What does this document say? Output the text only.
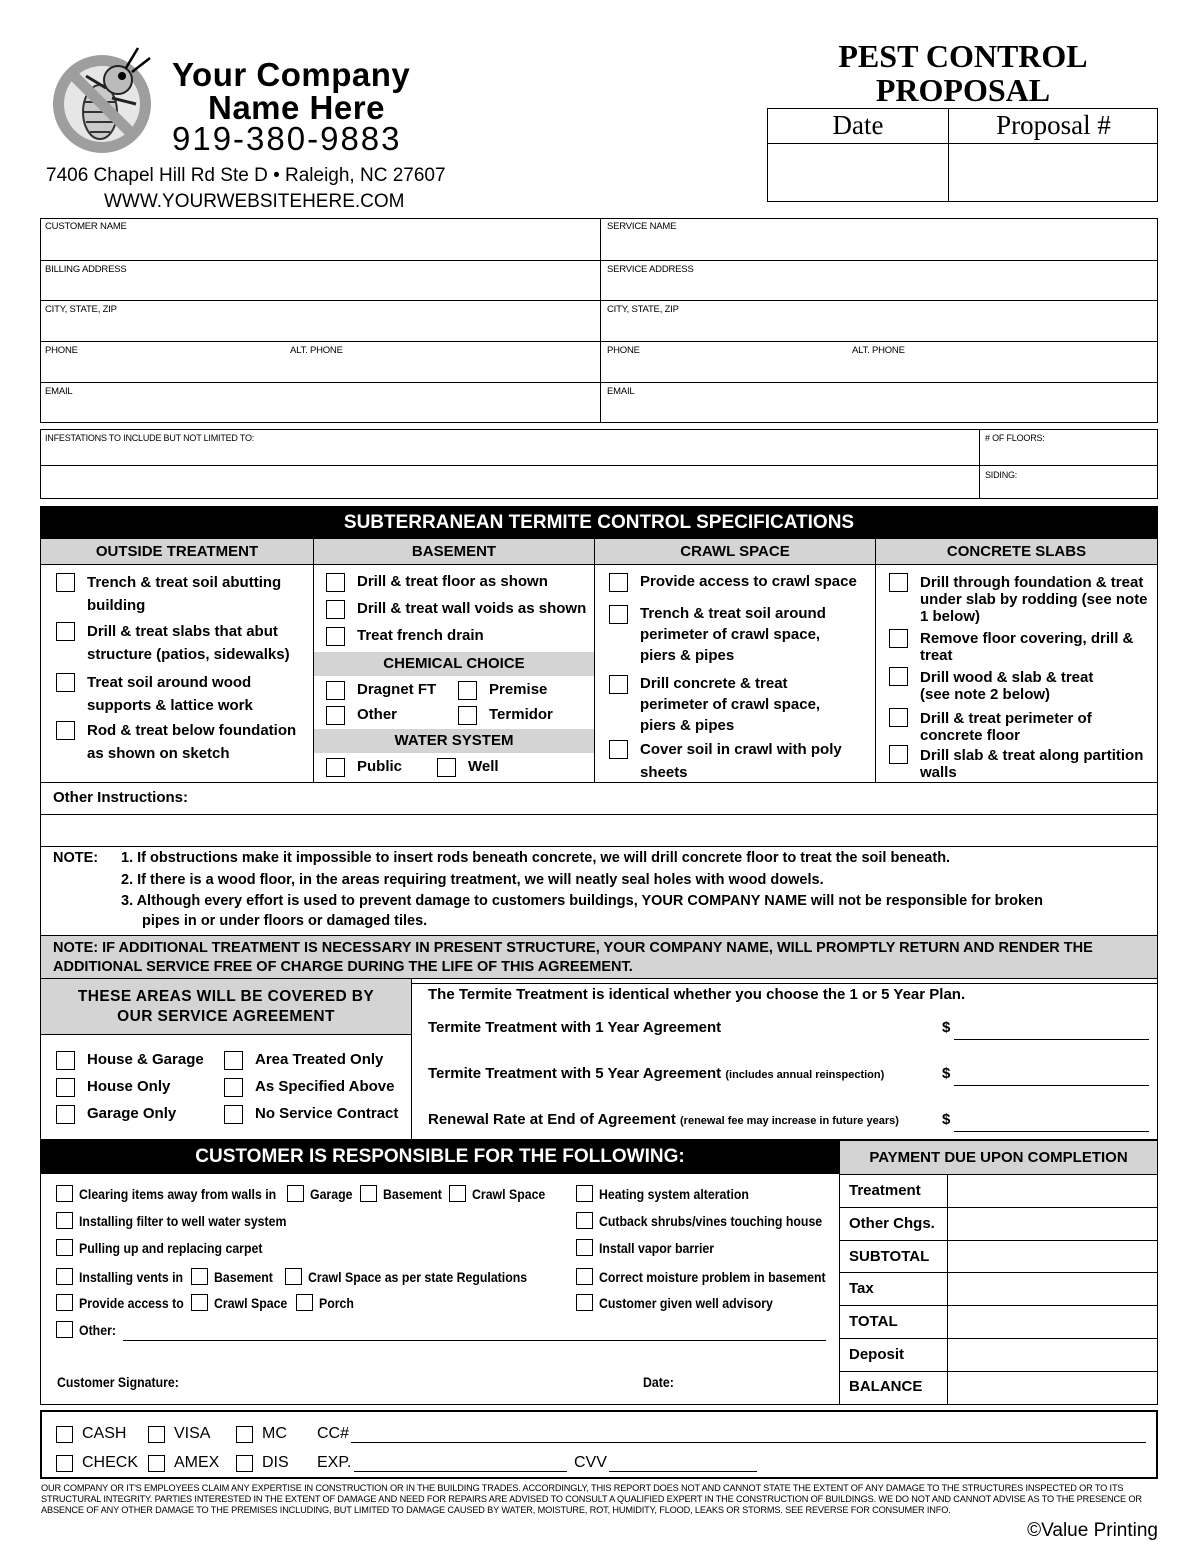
Your Company
Name Here
919-380-9883
7406 Chapel Hill Rd Ste D • Raleigh, NC 27607
WWW.YOURWEBSITEHERE.COM
PEST CONTROL
PROPOSAL
Date	Proposal #
CUSTOMER NAME	SERVICE NAME
BILLING ADDRESS	SERVICE ADDRESS
CITY, STATE, ZIP	CITY, STATE, ZIP
PHONE	ALT. PHONE	PHONE	ALT. PHONE
EMAIL	EMAIL
INFESTATIONS TO INCLUDE BUT NOT LIMITED TO:	# OF FLOORS:
SIDING:
SUBTERRANEAN TERMITE CONTROL SPECIFICATIONS
OUTSIDE TREATMENT	BASEMENT	CRAWL SPACE	CONCRETE SLABS
Trench & treat soil abutting building
Drill & treat slabs that abut structure (patios, sidewalks)
Treat soil around wood supports & lattice work
Rod & treat below foundation as shown on sketch
Drill & treat floor as shown
Drill & treat wall voids as shown
Treat french drain
CHEMICAL CHOICE
Dragnet FT	Premise
Other	Termidor
WATER SYSTEM
Public	Well
Provide access to crawl space
Trench & treat soil around perimeter of crawl space, piers & pipes
Drill concrete & treat perimeter of crawl space, piers & pipes
Cover soil in crawl with poly sheets
Drill through foundation & treat under slab by rodding (see note 1 below)
Remove floor covering, drill & treat
Drill wood & slab & treat (see note 2 below)
Drill & treat perimeter of concrete floor
Drill slab & treat along partition walls
Other Instructions:
NOTE: 1. If obstructions make it impossible to insert rods beneath concrete, we will drill concrete floor to treat the soil beneath.
2. If there is a wood floor, in the areas requiring treatment, we will neatly seal holes with wood dowels.
3. Although every effort is used to prevent damage to customers buildings, YOUR COMPANY NAME will not be responsible for broken
pipes in or under floors or damaged tiles.
NOTE: IF ADDITIONAL TREATMENT IS NECESSARY IN PRESENT STRUCTURE, YOUR COMPANY NAME, WILL PROMPTLY RETURN AND RENDER THE ADDITIONAL SERVICE FREE OF CHARGE DURING THE LIFE OF THIS AGREEMENT.
THESE AREAS WILL BE COVERED BY OUR SERVICE AGREEMENT
House & Garage	Area Treated Only
House Only	As Specified Above
Garage Only	No Service Contract
The Termite Treatment is identical whether you choose the 1 or 5 Year Plan.
Termite Treatment with 1 Year Agreement	$
Termite Treatment with 5 Year Agreement (includes annual reinspection)	$
Renewal Rate at End of Agreement (renewal fee may increase in future years)	$
CUSTOMER IS RESPONSIBLE FOR THE FOLLOWING:	PAYMENT DUE UPON COMPLETION
Treatment
Other Chgs.
SUBTOTAL
Tax
TOTAL
Deposit
BALANCE
Clearing items away from walls in Garage Basement Crawl Space
Installing filter to well water system
Pulling up and replacing carpet
Installing vents in Basement	Crawl Space as per state Regulations
Provide access to Crawl Space Porch
Other:
Heating system alteration
Cutback shrubs/vines touching house
Install vapor barrier
Correct moisture problem in basement
Customer given well advisory
Customer Signature:	Date:
CASH	VISA	MC CC#
CHECK AMEX	DIS EXP.	CVV
OUR COMPANY OR IT'S EMPLOYEES CLAIM ANY EXPERTISE IN CONSTRUCTION OR IN THE BUILDING TRADES. ACCORDINGLY, THIS REPORT DOES NOT AND CANNOT STATE THE EXTENT OF ANY DAMAGE TO THE STRUCTURES INSPECTED OR TO ITS STRUCTURAL INTEGRITY. PARTIES INTERESTED IN THE EXTENT OF DAMAGE AND NEED FOR REPAIRS ARE ADVISED TO CONSULT A QUALIFIED EXPERT IN THE CONSTRUCTION OF BUILDINGS. WE DO NOT AND CANNOT ADVISE AS TO THE PRESENCE OR ABSENCE OF ANY OTHER DAMAGE TO THE PREMISES INCLUDING, BUT LIMITED TO DAMAGE CAUSED BY WATER, MOISTURE, ROT, HUMIDITY, FLOOD, LEAKS OR STORMS. SEE REVERSE FOR CONSUMER INFO.
©Value Printing
